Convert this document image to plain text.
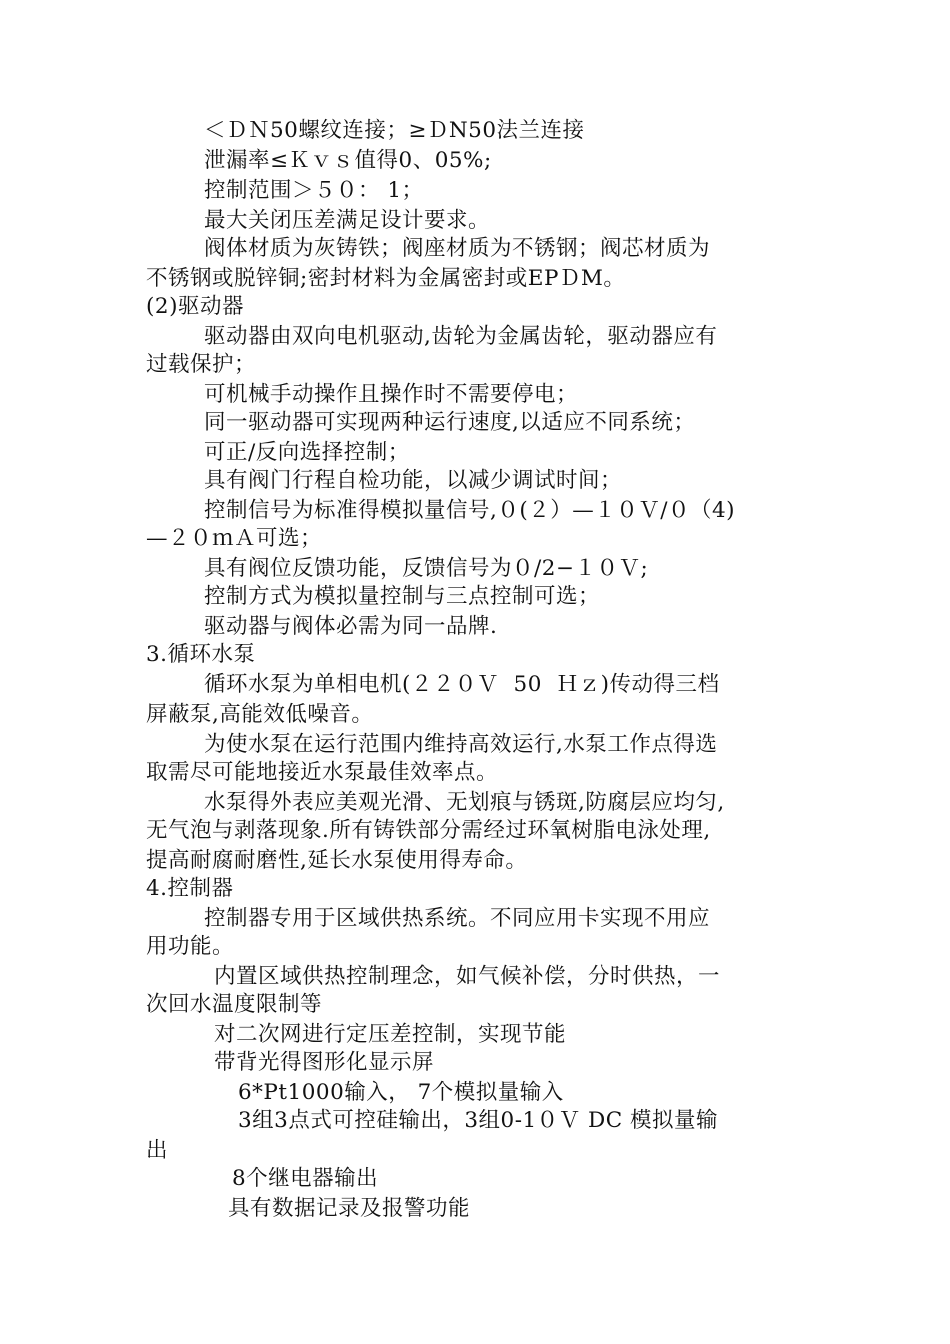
＜ＤＮ50螺纹连接；≥ＤN50法兰连接
泄漏率≤Ｋｖｓ值得0、05%;
控制范围＞５０： 1；
最大关闭压差满足设计要求。
阀体材质为灰铸铁；阀座材质为不锈钢；阀芯材质为
不锈钢或脱锌铜;密封材料为金属密封或EPＤM。
(2)驱动器
驱动器由双向电机驱动,齿轮为金属齿轮，驱动器应有
过载保护；
可机械手动操作且操作时不需要停电；
同一驱动器可实现两种运行速度,以适应不同系统；
可正/反向选择控制；
具有阀门行程自检功能，以减少调试时间；
控制信号为标准得模拟量信号,０(２）—１０Ｖ/０（4)
—２０ｍＡ可选；
具有阀位反馈功能，反馈信号为０/2−１０Ｖ;
控制方式为模拟量控制与三点控制可选；
驱动器与阀体必需为同一品牌.
3.循环水泵
循环水泵为单相电机(２２０Ｖ  50  Ｈｚ)传动得三档
屏蔽泵,高能效低噪音。
为使水泵在运行范围内维持高效运行,水泵工作点得选
取需尽可能地接近水泵最佳效率点。
水泵得外表应美观光滑、无划痕与锈斑,防腐层应均匀,
无气泡与剥落现象.所有铸铁部分需经过环氧树脂电泳处理,
提高耐腐耐磨性,延长水泵使用得寿命。
4.控制器
控制器专用于区域供热系统。不同应用卡实现不用应
用功能。
内置区域供热控制理念，如气候补偿，分时供热，一
次回水温度限制等
对二次网进行定压差控制，实现节能
带背光得图形化显示屏
6*Pt1000输入， 7个模拟量输入
3组3点式可控硅输出，3组0-1０Ｖ DC 模拟量输
出
8个继电器输出
具有数据记录及报警功能
